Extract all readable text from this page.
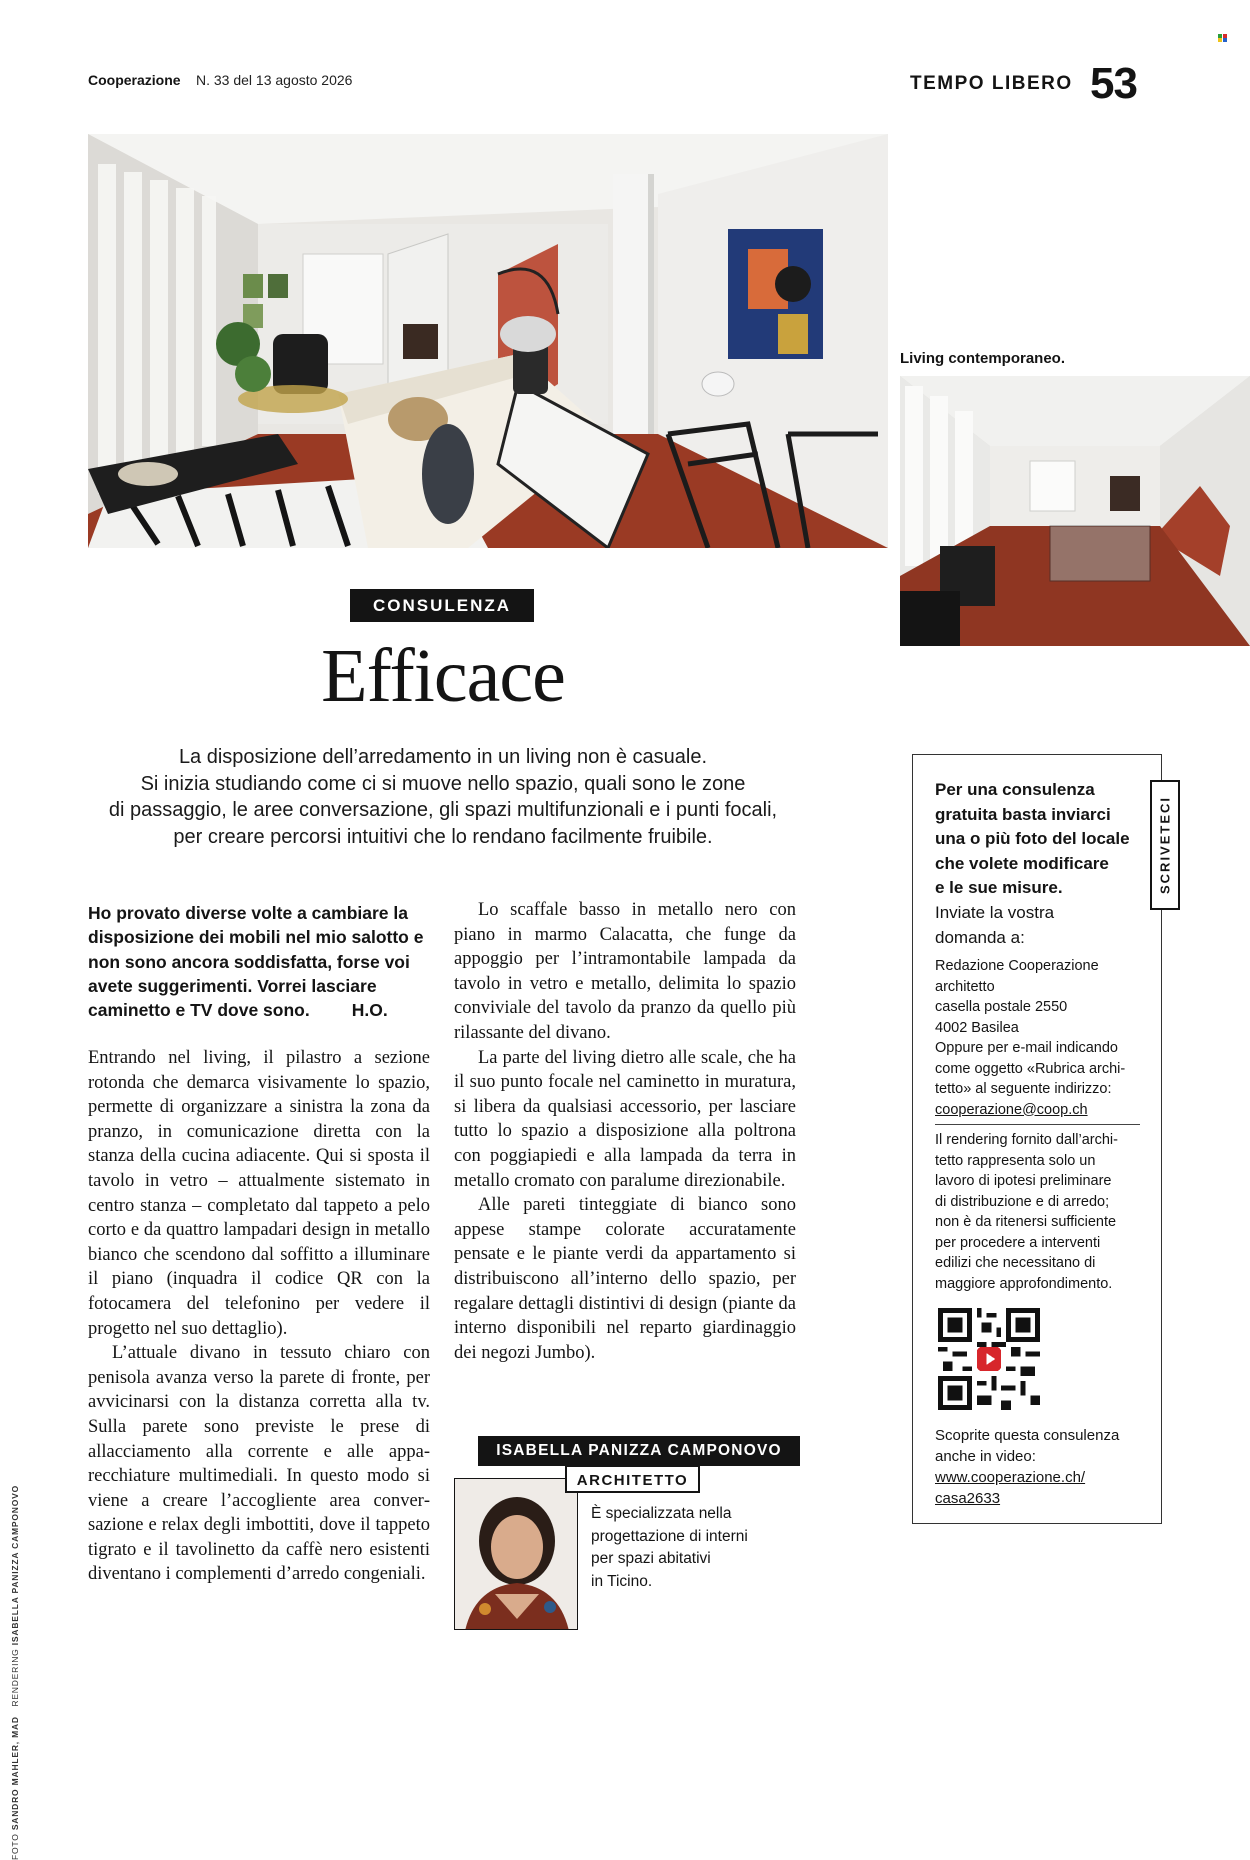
Cooperazione N. 33 del 13 agosto 2026	TEMPO LIBERO 53
Living contemporaneo.
CONSULENZA
Efficace
La disposizione dell’arredamento in un living non è casuale.
Si inizia studiando come ci si muove nello spazio, quali sono le zone
di passaggio, le aree conversazione, gli spazi multifunzionali e i punti focali,
per creare percorsi intuitivi che lo rendano facilmente fruibile.
Ho provato diverse volte a cambiare la disposizione dei mobili nel mio salotto e non sono ancora soddisfatta, forse voi avete suggerimenti. Vorrei lasciare caminetto e TV dove sono. H.O.

Entrando nel living, il pilastro a sezione rotonda che demarca visivamente lo spazio, permette di organizzare a sinistra la zona da pranzo, in comunicazione diretta con la stanza della cucina adiacente. Qui si sposta il tavolo in vetro – attualmente sistemato in centro stanza – completato dal tappeto a pelo corto e da quattro lampadari design in metallo bianco che scendono dal soffitto a illuminare il piano (inquadra il codice QR con la fotocamera del telefonino per vedere il progetto nel suo dettaglio).

L’attuale divano in tessuto chiaro con penisola avanza verso la parete di fronte, per avvicinarsi con la distanza corretta alla tv. Sulla parete sono previste le prese di allacciamento alla corrente e alle apparecchiature multimediali. In questo modo si viene a creare l’accogliente area conversazione e relax degli imbottiti, dove il tappeto tigrato e il tavolinetto da caffè nero esistenti diventano i complementi d’arredo congeniali.

Lo scaffale basso in metallo nero con piano in marmo Calacatta, che funge da appoggio per l’intramontabile lampada da tavolo in vetro e metallo, delimita lo spazio conviviale del tavolo da pranzo da quello più rilassante del divano.

La parte del living dietro alle scale, che ha il suo punto focale nel caminetto in muratura, si libera da qualsiasi accessorio, per lasciare tutto lo spazio a disposizione alla poltrona con poggiapiedi e alla lampada da terra in metallo cromato con paralume direzionabile.

Alle pareti tinteggiate di bianco sono appese stampe colorate accuratamente pensate e le piante verdi da appartamento si distribuiscono all’interno dello spazio, per regalare dettagli distintivi di design (piante da interno disponibili nel reparto giardinaggio dei negozi Jumbo).

ISABELLA PANIZZA CAMPONOVO
ARCHITETTO
È specializzata nella
progettazione di interni
per spazi abitativi
in Ticino.
SCRIVETECI
Per una consulenza
gratuita basta inviarci
una o più foto del locale
che volete modificare
e le sue misure.
Inviate la vostra
domanda a:
Redazione Cooperazione
architetto
casella postale 2550
4002 Basilea
Oppure per e-mail indicando
come oggetto «Rubrica archi-
tetto» al seguente indirizzo:
cooperazione@coop.ch
Il rendering fornito dall’archi-
tetto rappresenta solo un
lavoro di ipotesi preliminare
di distribuzione e di arredo;
non è da ritenersi sufficiente
per procedere a interventi
edilizi che necessitano di
maggiore approfondimento.
Scoprite questa consulenza
anche in video:
www.cooperazione.ch/
casa2633
FOTO SANDRO MAHLER, MAD   RENDERING ISABELLA PANIZZA CAMPONOVO
